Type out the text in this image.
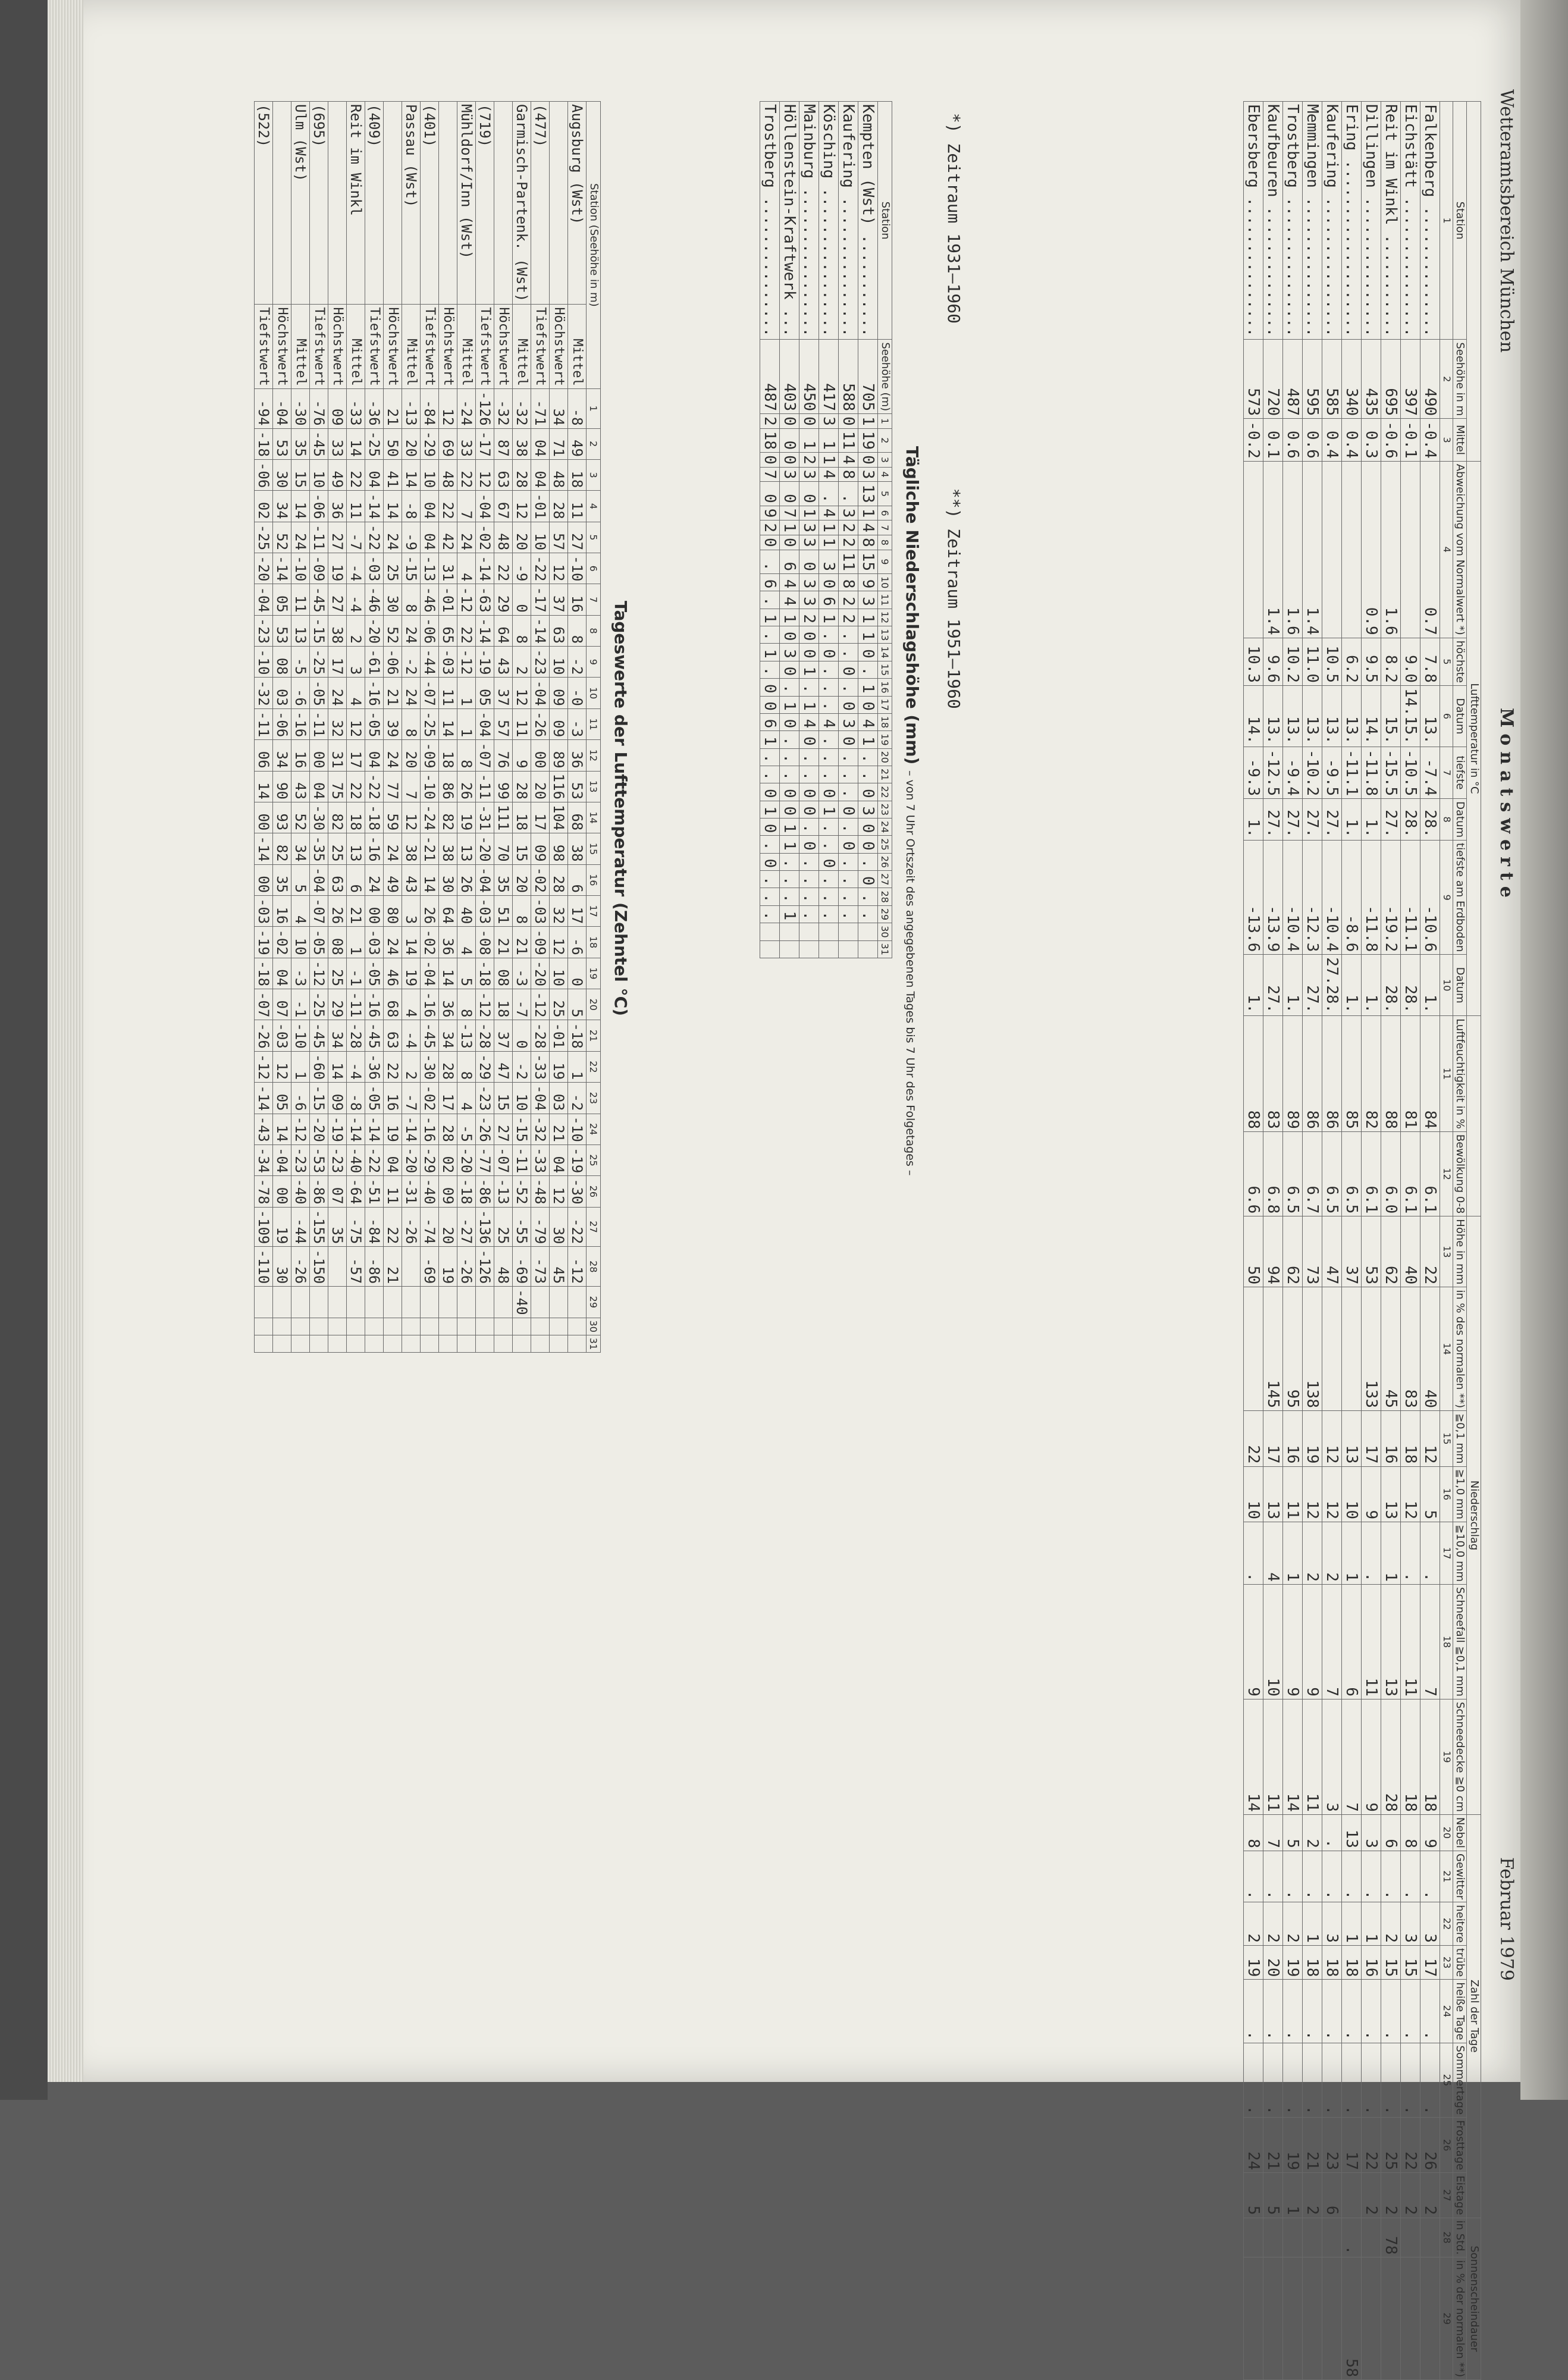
Wetteramtsbereich München
Monatswerte
Februar 1979
			Lufttemperatur in °C									Niederschlag							Zahl der Tage								Sonnenscheindauer	
Station	Seehöhe in m	Mittel	Abweichung vom Normalwert *)	höchste	Datum	tiefste	Datum	tiefste am Erdboden	Datum	Luftfeuchtigkeit in %	Bewölkung 0-8	Höhe in mm	in % des normalen **)	≧0,1 mm	≧1,0 mm	≧10,0 mm	Schneefall ≧0,1 mm	Schneedecke ≧0 cm	Nebel	Gewitter	heitere	trübe	heiße Tage	Sommertage	Frosttage	Eistage	in Std.	in % der normalen **)
1	2	3	4	5	6	7	8	9	10	11	12	13	14	15	16	17	18	19	20	21	22	23	24	25	26	27	28	29
Falkenberg ..............	490	-0.4	0.7	7.8	13.	-7.4	28.	-10.6	1.	84	6.1	22	40	12	5	.	7	18	9	.	3	17	.	.	26	2		
Eichstätt ...............	397	-0.1		9.0	14.15.	-10.5	28.	-11.1	28.	81	6.1	40	83	18	12	.	11	18	8	.	3	15	.	.	22	2		
Reit im Winkl ...........	695	-0.6	1.6	8.2	15.	-15.5	27.	-19.2	28.	88	6.0	62	45	16	13	1	13	28	6	.	2	15	.	.	25	2	78	
Dillingen ...............	435	0.3	0.9	9.5	14.	-11.8	1.	-11.8	1.	82	6.1	53	133	17	9	.	11	9	3	.	1	16	.	.	22	2		
Ering ...................	340	0.4		6.2	13.	-11.1	1.	-8.6	1.	85	6.5	37		13	10	1	6	7	13	.	1	18	.	.	17		.	58
Kaufering ...............	585	0.4		10.5	13.	-9.5	27.	-10.4	27.28.	86	6.5	47		12	12	2	7	3	.	.	3	18	.	.	23	6		
Memmingen ...............	595	0.6	1.4	11.0	13.	-10.2	27.	-12.3	27.	86	6.7	73	138	19	12	2	9	11	2	.	1	18	.	.	21	2		
Trostberg ...............	487	0.6	1.6	10.2	13.	-9.4	27.	-10.4	1.	89	6.5	62	95	16	11	1	9	14	5	.	2	19	.	.	19	1		
Kaufbeuren ..............	720	0.1	1.4	9.6	13.	-12.5	27.	-13.9	27.	83	6.8	94	145	17	13	4	10	11	7	.	2	20	.	.	21	5		
Ebersberg ...............	573	-0.2		10.3	14.	-9.3	1.	-13.6	1.	88	6.6	50		22	10	.	9	14	8	.	2	19	.	.	24	5		
*) Zeitraum 1931–1960 **) Zeitraum 1951–1960
Tägliche Niederschlagshöhe (mm) – von 7 Uhr Ortszeit des angegebenen Tages bis 7 Uhr des Folgetages –
Station	Seehöhe (m)	1	2	3	4	5	6	7	8	9	10	11	12	13	14	15	16	17	18	19	20	21	22	23	24	25	26	27	28	29	30	31
Kempten (Wst) ...........	705	1	19	0	3	13	1	4	8	15	9	3	1	1	0	.	1	0	4	1	.	.	0	3	0	0	.	0	.	.		
Kaufering ...............	588	0	11	4	8	.	3	2	2	11	8	2	2	.	.	0	.	0	3	0	.	.	.	0	.	0	.	.	.	.		
Kösching ................	417	3	1	1	4	.	4	1	1	3	0	6	1	.	0	.	.	.	4	.	.	.	0	1	.	.	0	.	.	.		
Mainburg ................	450	0	1	2	3	0	1	3	3	0	3	3	2	0	0	1	.	1	4	0	.	.	0	0	.	0	.	.	.	.		
Höllenstein-Kraftwerk ...	403	0	0	0	3	0	7	1	0	6	4	4	1	0	3	0	.	1	0	.	.	.	0	0	1	1	.	.	.	1		
Trostberg ...............	487	2	18	0	7	0	9	2	0	.	6	.	1	.	1	.	0	0	6	1	.	.	0	1	0	.	0	.	.	.		
Tageswerte der Lufttemperatur (Zehntel °C)
Station (Seehöhe in m)		1	2	3	4	5	6	7	8	9	10	11	12	13	14	15	16	17	18	19	20	21	22	23	24	25	26	27	28	29	30	31
Augsburg (Wst)	Mittel	-8	49	18	11	27	-10	16	8	-2	-0	-3	36	53	68	38	6	17	-6	0	5	-18	1	-2	-10	-19	-30	-22	-12			
	Höchstwert	34	71	48	28	57	12	37	63	10	09	09	89	116	104	98	28	32	12	10	25	-01	19	03	21	04	12	30	45			
(477)	Tiefstwert	-71	04	04	-01	10	-22	-17	-14	-23	-04	-26	00	20	17	09	-02	-03	-09	-20	-12	-28	-33	-04	-32	-33	-48	-79	-73			
Garmisch-Partenk. (Wst)	Mittel	-32	38	28	12	20	-9	0	8	2	12	11	9	28	18	15	20	8	21	-3	-7	0	-2	10	-15	-11	-52	-55	-69	-40		
	Höchstwert	-32	87	63	67	48	22	29	64	43	37	57	76	99	111	70	35	51	21	08	18	37	47	15	27	-07	-13	25	48			
(719)	Tiefstwert	-126	-17	12	-04	-02	-14	-63	-14	-19	05	-04	-07	-11	-31	-20	-04	-03	-08	-18	-12	-28	-29	-23	-26	-77	-86	-136	-126			
Mühldorf/Inn (Wst)	Mittel	-24	33	22	7	24	4	-12	22	-12	1	1	8	26	19	13	26	40	4	5	8	-13	8	4	-5	-20	-18	-27	-26			
	Höchstwert	12	69	48	22	42	31	-01	65	-03	11	14	18	86	82	38	30	64	36	14	36	34	28	17	28	02	09	20	19			
(401)	Tiefstwert	-84	-29	10	04	04	-13	-46	-06	-44	-07	-25	-09	-10	-24	-21	14	26	-02	-04	-16	-45	-30	-02	-16	-29	-40	-74	-69			
Passau (Wst)	Mittel	-13	20	14	-8	-9	-15	8	24	-2	24	8	20	7	12	38	43	3	14	19	4	-4	2	-7	-14	-20	-31	-26				
	Höchstwert	21	50	41	14	24	25	30	52	-06	21	39	24	77	59	24	49	80	24	46	68	63	22	16	19	04	11	22	21			
(409)	Tiefstwert	-36	-25	04	-14	-22	-03	-46	-20	-61	-16	-05	04	-22	-18	-16	24	00	-03	-05	-16	-45	-36	-05	-14	-22	-51	-84	-86			
Reit im Winkl	Mittel	-33	14	22	11	-7	-4	-4	2	3	4	12	17	22	18	13	6	21	1	-1	-11	-28	-4	-8	-14	-40	-64	-75	-57			
	Höchstwert	09	33	49	36	27	19	27	38	17	24	32	31	75	82	25	63	26	08	25	29	34	14	09	-19	-23	07	35				
(695)	Tiefstwert	-76	-45	10	-06	-11	-09	-45	-15	-25	-05	-11	00	04	-30	-35	-04	-07	-05	-12	-25	-45	-60	-15	-20	-53	-86	-155	-150			
Ulm (Wst)	Mittel	-30	35	15	14	24	-10	11	13	-5	-6	-16	16	43	52	34	5	4	10	-3	-1	-10	1	-6	-12	-23	-40	-44	-26			
	Höchstwert	-04	53	30	34	52	-14	05	53	08	03	-06	34	90	93	82	35	16	-02	04	07	-03	12	05	14	-04	00	19	30			
(522)	Tiefstwert	-94	-18	-06	02	-25	-20	-04	-23	-10	-32	-11	06	14	00	-14	00	-03	-19	-18	-07	-26	-12	-14	-43	-34	-78	-109	-110			
